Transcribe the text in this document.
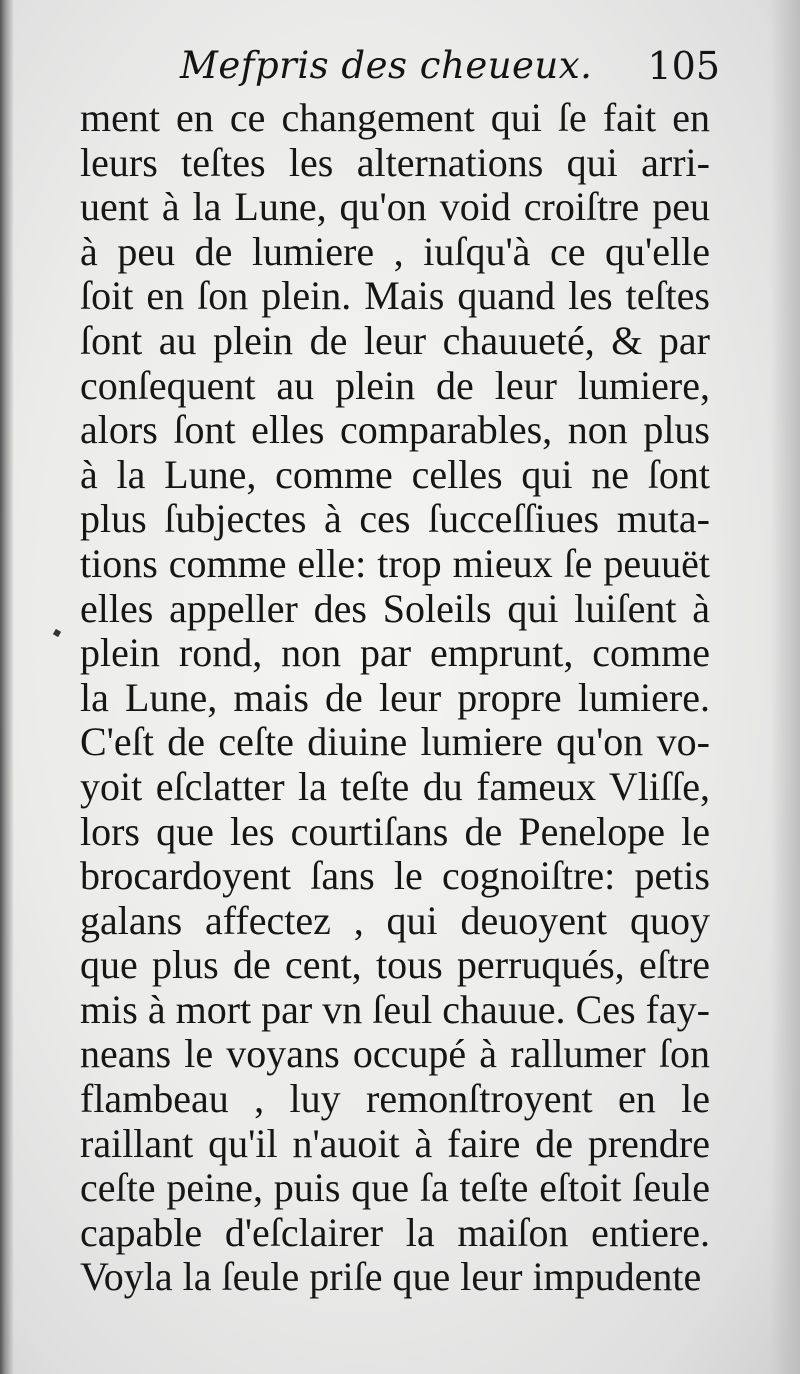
Mefpris des cheueux. 105
ment en ce changement qui ſe fait en
leurs teſtes les alternations qui arri-
uent à la Lune, qu'on void croiſtre peu
à peu de lumiere , iuſqu'à ce qu'elle
ſoit en ſon plein. Mais quand les teſtes
ſont au plein de leur chauueté, & par
conſequent au plein de leur lumiere,
alors ſont elles comparables, non plus
à la Lune, comme celles qui ne ſont
plus ſubjectes à ces ſucceſſiues muta-
tions comme elle: trop mieux ſe peuuët
elles appeller des Soleils qui luiſent à
plein rond, non par emprunt, comme
la Lune, mais de leur propre lumiere.
C'eſt de ceſte diuine lumiere qu'on vo-
yoit eſclatter la teſte du fameux Vliſſe,
lors que les courtiſans de Penelope le
brocardoyent ſans le cognoiſtre: petis
galans affectez , qui deuoyent quoy
que plus de cent, tous perruqués, eſtre
mis à mort par vn ſeul chauue. Ces fay-
neans le voyans occupé à rallumer ſon
flambeau , luy remonſtroyent en le
raillant qu'il n'auoit à faire de prendre
ceſte peine, puis que ſa teſte eſtoit ſeule
capable d'eſclairer la maiſon entiere.
Voyla la ſeule priſe que leur impudente
